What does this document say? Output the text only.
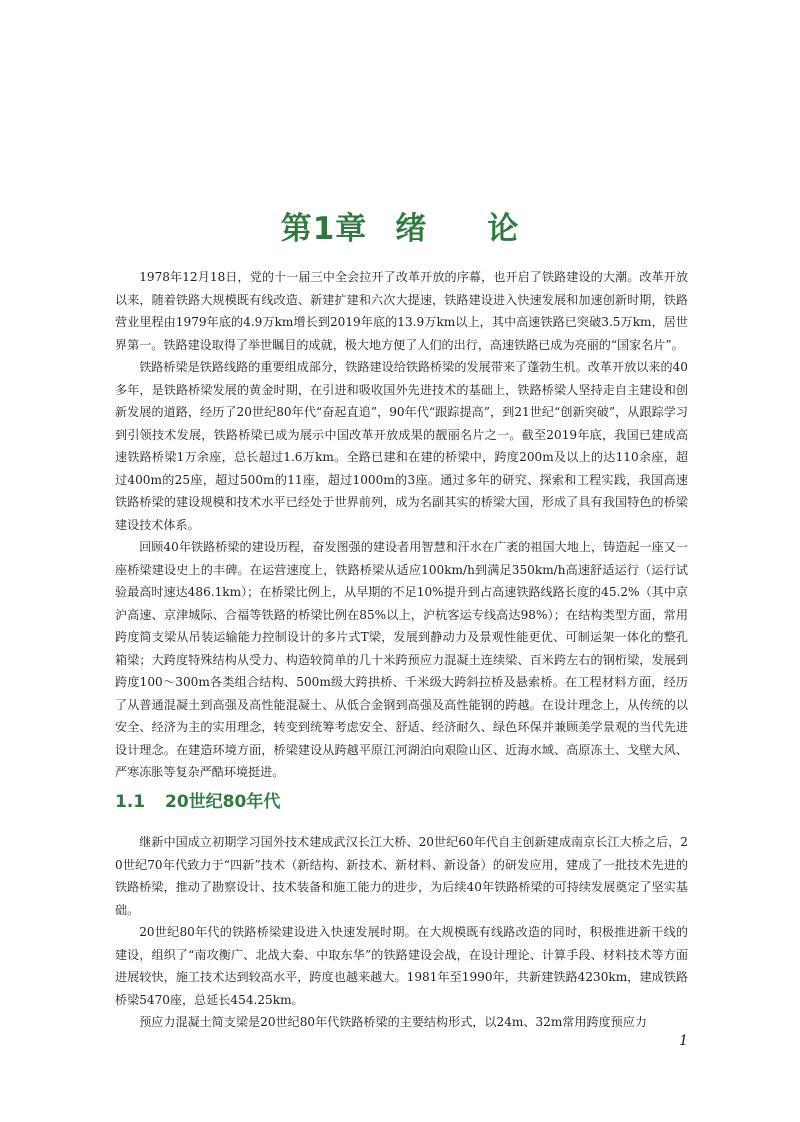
第1章 绪 论

1978年12月18日，党的十一届三中全会拉开了改革开放的序幕，也开启了铁路建设的大潮。改革开放以来，随着铁路大规模既有线改造、新建扩建和六次大提速，铁路建设进入快速发展和加速创新时期，铁路营业里程由1979年底的4.9万km增长到2019年底的13.9万km以上，其中高速铁路已突破3.5万km，居世界第一。铁路建设取得了举世瞩目的成就，极大地方便了人们的出行，高速铁路已成为亮丽的“国家名片”。

铁路桥梁是铁路线路的重要组成部分，铁路建设给铁路桥梁的发展带来了蓬勃生机。改革开放以来的40多年，是铁路桥梁发展的黄金时期，在引进和吸收国外先进技术的基础上，铁路桥梁人坚持走自主建设和创新发展的道路，经历了20世纪80年代“奋起直追”，90年代“跟踪提高”，到21世纪“创新突破”，从跟踪学习到引领技术发展，铁路桥梁已成为展示中国改革开放成果的靓丽名片之一。截至2019年底，我国已建成高速铁路桥梁1万余座，总长超过1.6万km。全路已建和在建的桥梁中，跨度200m及以上的达110余座，超过400m的25座，超过500m的11座，超过1000m的3座。通过多年的研究、探索和工程实践，我国高速铁路桥梁的建设规模和技术水平已经处于世界前列，成为名副其实的桥梁大国，形成了具有我国特色的桥梁建设技术体系。

回顾40年铁路桥梁的建设历程，奋发图强的建设者用智慧和汗水在广袤的祖国大地上，铸造起一座又一座桥梁建设史上的丰碑。在运营速度上，铁路桥梁从适应100km/h到满足350km/h高速舒适运行（运行试验最高时速达486.1km）；在桥梁比例上，从早期的不足10%提升到占高速铁路线路长度的45.2%（其中京沪高速、京津城际、合福等铁路的桥梁比例在85%以上，沪杭客运专线高达98%）；在结构类型方面，常用跨度简支梁从吊装运输能力控制设计的多片式T梁，发展到静动力及景观性能更优、可制运架一体化的整孔箱梁；大跨度特殊结构从受力、构造较简单的几十米跨预应力混凝土连续梁、百米跨左右的钢桁梁，发展到跨度100～300m各类组合结构、500m级大跨拱桥、千米级大跨斜拉桥及悬索桥。在工程材料方面，经历了从普通混凝土到高强及高性能混凝土、从低合金钢到高强及高性能钢的跨越。在设计理念上，从传统的以安全、经济为主的实用理念，转变到统筹考虑安全、舒适、经济耐久、绿色环保并兼顾美学景观的当代先进设计理念。在建造环境方面，桥梁建设从跨越平原江河湖泊向艰险山区、近海水域、高原冻土、戈壁大风、严寒冻胀等复杂严酷环境挺进。

1.1 20世纪80年代

继新中国成立初期学习国外技术建成武汉长江大桥、20世纪60年代自主创新建成南京长江大桥之后，20世纪70年代致力于“四新”技术（新结构、新技术、新材料、新设备）的研发应用，建成了一批技术先进的铁路桥梁，推动了勘察设计、技术装备和施工能力的进步，为后续40年铁路桥梁的可持续发展奠定了坚实基础。

20世纪80年代的铁路桥梁建设进入快速发展时期。在大规模既有线路改造的同时，积极推进新干线的建设，组织了“南攻衡广、北战大秦、中取东华”的铁路建设会战，在设计理论、计算手段、材料技术等方面进展较快，施工技术达到较高水平，跨度也越来越大。1981年至1990年，共新建铁路4230km，建成铁路桥梁5470座，总延长454.25km。

预应力混凝土简支梁是20世纪80年代铁路桥梁的主要结构形式，以24m、32m常用跨度预应力

1
